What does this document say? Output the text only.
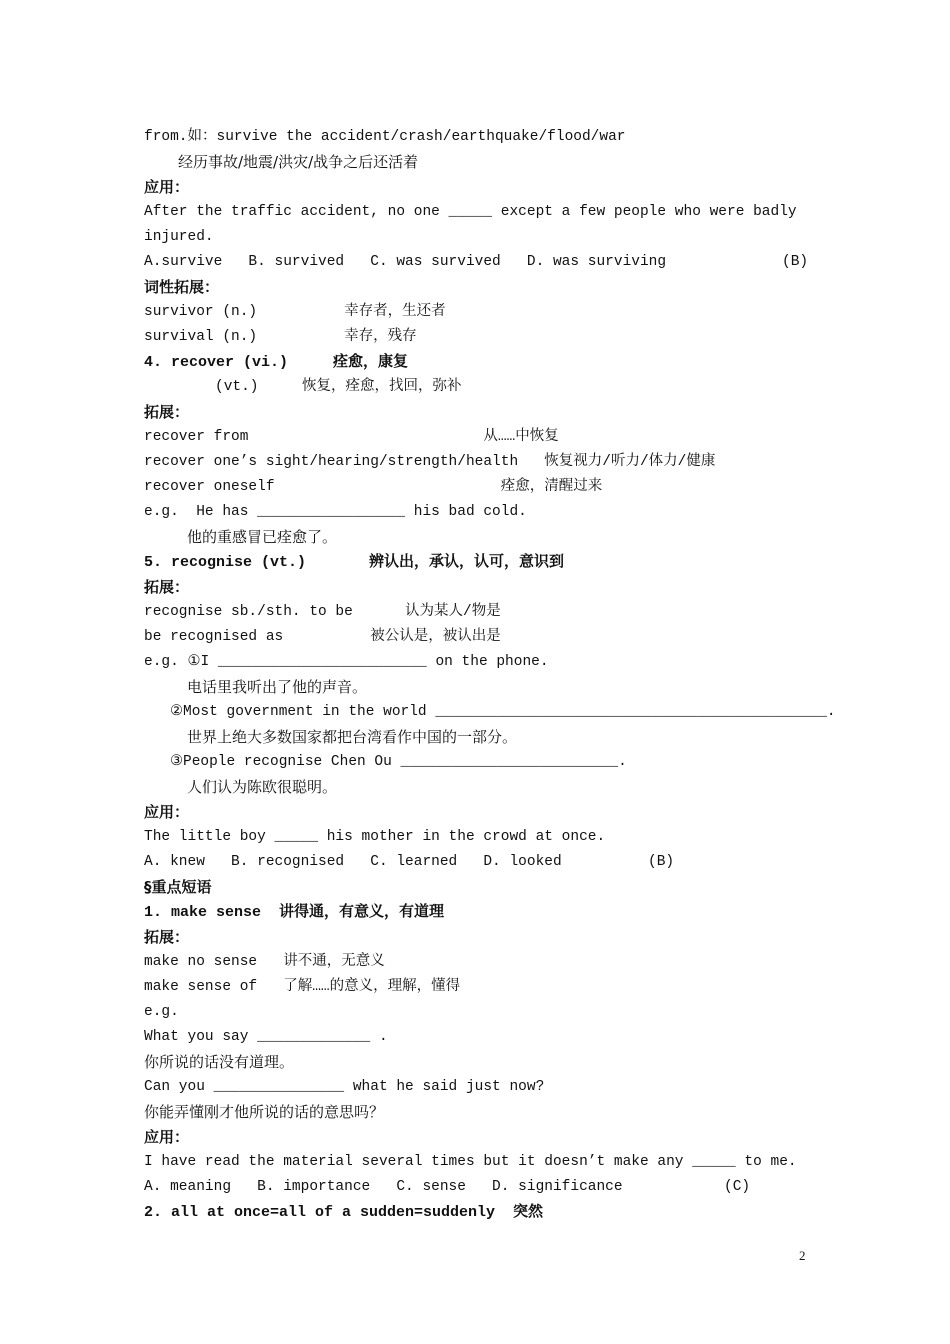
from.如：survive the accident/crash/earthquake/flood/war
经历事故/地震/洪灾/战争之后还活着
应用：
After the traffic accident, no one _____ except a few people who were badly
injured.
A.survive   B. survived   C. was survived   D. was surviving	(B)
词性拓展：
survivor (n.)          幸存者，生还者
survival (n.)          幸存，残存
4. recover (vi.)     痊愈，康复
(vt.)     恢复，痊愈，找回，弥补
拓展：
recover from                           从……中恢复
recover one’s sight/hearing/strength/health   恢复视力/听力/体力/健康
recover oneself                          痊愈，清醒过来
e.g.  He has _________________ his bad cold.
他的重感冒已痊愈了。
5. recognise (vt.)       辨认出，承认，认可，意识到
拓展：
recognise sb./sth. to be      认为某人/物是
be recognised as          被公认是，被认出是
e.g. ①I ________________________ on the phone.
电话里我听出了他的声音。
②Most government in the world _____________________________________________.
世界上绝大多数国家都把台湾看作中国的一部分。
③People recognise Chen Ou _________________________.
人们认为陈欧很聪明。
应用：
The little boy _____ his mother in the crowd at once.
A. knew   B. recognised   C. learned   D. looked	(B)
§重点短语
1. make sense  讲得通，有意义，有道理
拓展：
make no sense   讲不通，无意义
make sense of   了解……的意义，理解，懂得
e.g.
What you say _____________ .
你所说的话没有道理。
Can you _______________ what he said just now?
你能弄懂刚才他所说的话的意思吗？
应用：
I have read the material several times but it doesn’t make any _____ to me.
A. meaning   B. importance   C. sense   D. significance	(C)
2. all at once=all of a sudden=suddenly  突然
2
